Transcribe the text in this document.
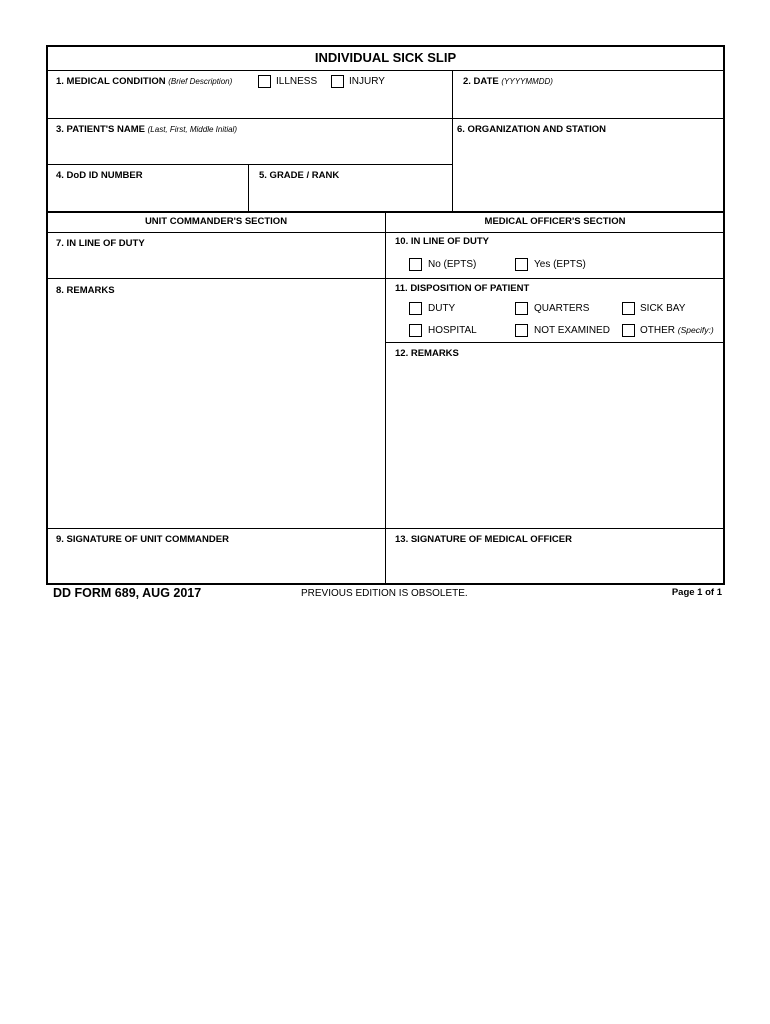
INDIVIDUAL SICK SLIP
1. MEDICAL CONDITION (Brief Description)	ILLNESS	INJURY	2. DATE (YYYYMMDD)
3. PATIENT'S NAME (Last, First, Middle Initial)	6. ORGANIZATION AND STATION
4. DoD ID NUMBER	5. GRADE / RANK
UNIT COMMANDER'S SECTION	MEDICAL OFFICER'S SECTION
7. IN LINE OF DUTY	10. IN LINE OF DUTY
No (EPTS)	Yes (EPTS)
8. REMARKS	11. DISPOSITION OF PATIENT
DUTY	QUARTERS	SICK BAY
HOSPITAL	NOT EXAMINED	OTHER (Specify:)
12. REMARKS
9. SIGNATURE OF UNIT COMMANDER	13. SIGNATURE OF MEDICAL OFFICER
DD FORM 689, AUG 2017	PREVIOUS EDITION IS OBSOLETE.	Page 1 of 1
